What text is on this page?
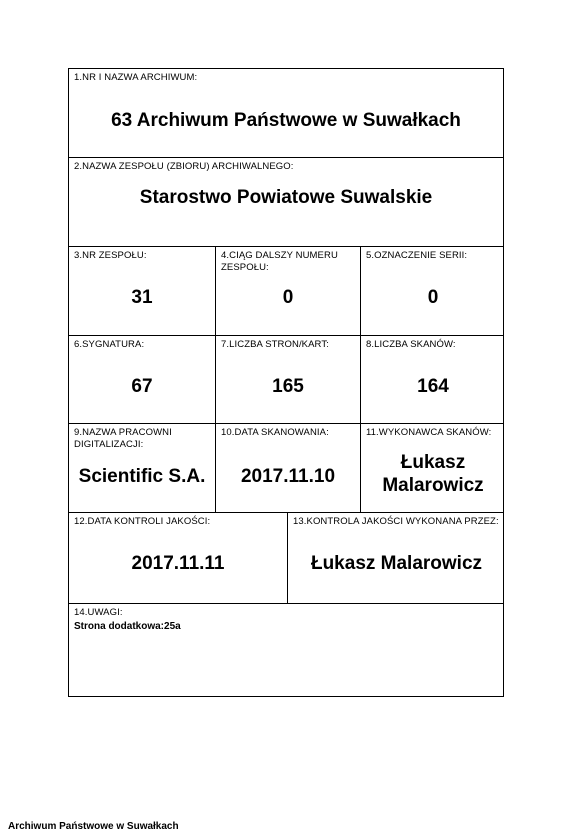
1.NR I NAZWA ARCHIWUM:
63 Archiwum Państwowe w Suwałkach
2.NAZWA ZESPOŁU (ZBIORU) ARCHIWALNEGO:
Starostwo Powiatowe Suwalskie
3.NR ZESPOŁU:
31
4.CIĄG DALSZY NUMERU ZESPOŁU:
0
5.OZNACZENIE SERII:
0
6.SYGNATURA:
67
7.LICZBA STRON/KART:
165
8.LICZBA SKANÓW:
164
9.NAZWA PRACOWNI DIGITALIZACJI:
Scientific S.A.
10.DATA SKANOWANIA:
2017.11.10
11.WYKONAWCA SKANÓW:
Łukasz
Malarowicz
12.DATA KONTROLI JAKOŚCI:
2017.11.11
13.KONTROLA JAKOŚCI WYKONANA PRZEZ:
Łukasz Malarowicz
14.UWAGI:
Strona dodatkowa:25a
Archiwum Państwowe w Suwałkach
